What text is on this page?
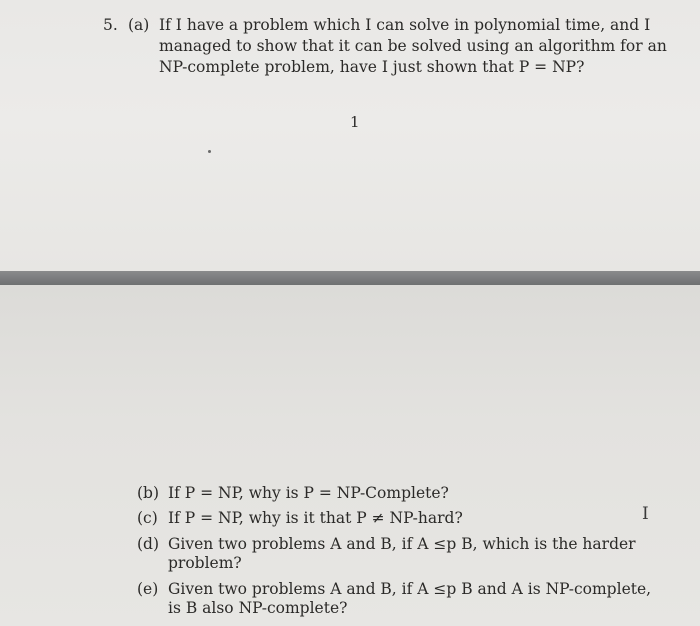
5. (a) If I have a problem which I can solve in polynomial time, and I
managed to show that it can be solved using an algorithm for an
NP-complete problem, have I just shown that P = NP?
1
(b) If P = NP, why is P = NP-Complete?
(c) If P = NP, why is it that P ≠ NP-hard?
(d) Given two problems A and B, if A ≤p B, which is the harder
problem?
(e) Given two problems A and B, if A ≤p B and A is NP-complete,
is B also NP-complete?
I
